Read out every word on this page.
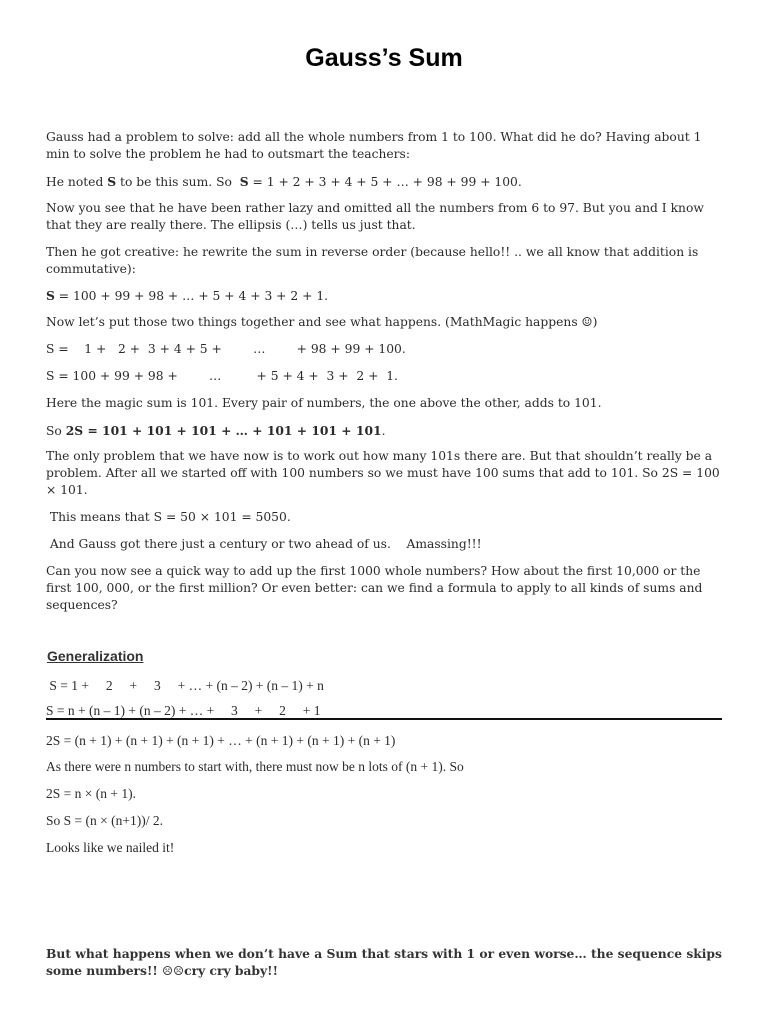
Gauss’s Sum

Gauss had a problem to solve: add all the whole numbers from 1 to 100. What did he do? Having about 1 min to solve the problem he had to outsmart the teachers:

He noted S to be this sum. So  S = 1 + 2 + 3 + 4 + 5 + … + 98 + 99 + 100.

Now you see that he have been rather lazy and omitted all the numbers from 6 to 97. But you and I know that they are really there. The ellipsis (…) tells us just that.

Then he got creative: he rewrite the sum in reverse order (because hello!! .. we all know that addition is commutative):

S = 100 + 99 + 98 + … + 5 + 4 + 3 + 2 + 1.

Now let’s put those two things together and see what happens. (MathMagic happens ☺)

S =    1 +   2 +  3 + 4 + 5 +        …        + 98 + 99 + 100.

S = 100 + 99 + 98 +        …         + 5 + 4 +  3 +  2 +  1.

Here the magic sum is 101. Every pair of numbers, the one above the other, adds to 101.

So 2S = 101 + 101 + 101 + … + 101 + 101 + 101.

The only problem that we have now is to work out how many 101s there are. But that shouldn’t really be a problem. After all we started off with 100 numbers so we must have 100 sums that add to 101. So 2S = 100 × 101.

This means that S = 50 × 101 = 5050.

And Gauss got there just a century or two ahead of us.    Amassing!!!

Can you now see a quick way to add up the first 1000 whole numbers? How about the first 10,000 or the first 100, 000, or the first million? Or even better: can we find a formula to apply to all kinds of sums and sequences?

Generalization

S = 1 +     2     +     3     + … + (n – 2) + (n – 1) + n

S = n + (n – 1) + (n – 2) + … +     3     +     2     + 1

2S = (n + 1) + (n + 1) + (n + 1) + … + (n + 1) + (n + 1) + (n + 1)

As there were n numbers to start with, there must now be n lots of (n + 1). So

2S = n × (n + 1).

So S = (n × (n+1))/ 2.

Looks like we nailed it!

But what happens when we don’t have a Sum that stars with 1 or even worse… the sequence skips some numbers!! ☹☹cry cry baby!!
